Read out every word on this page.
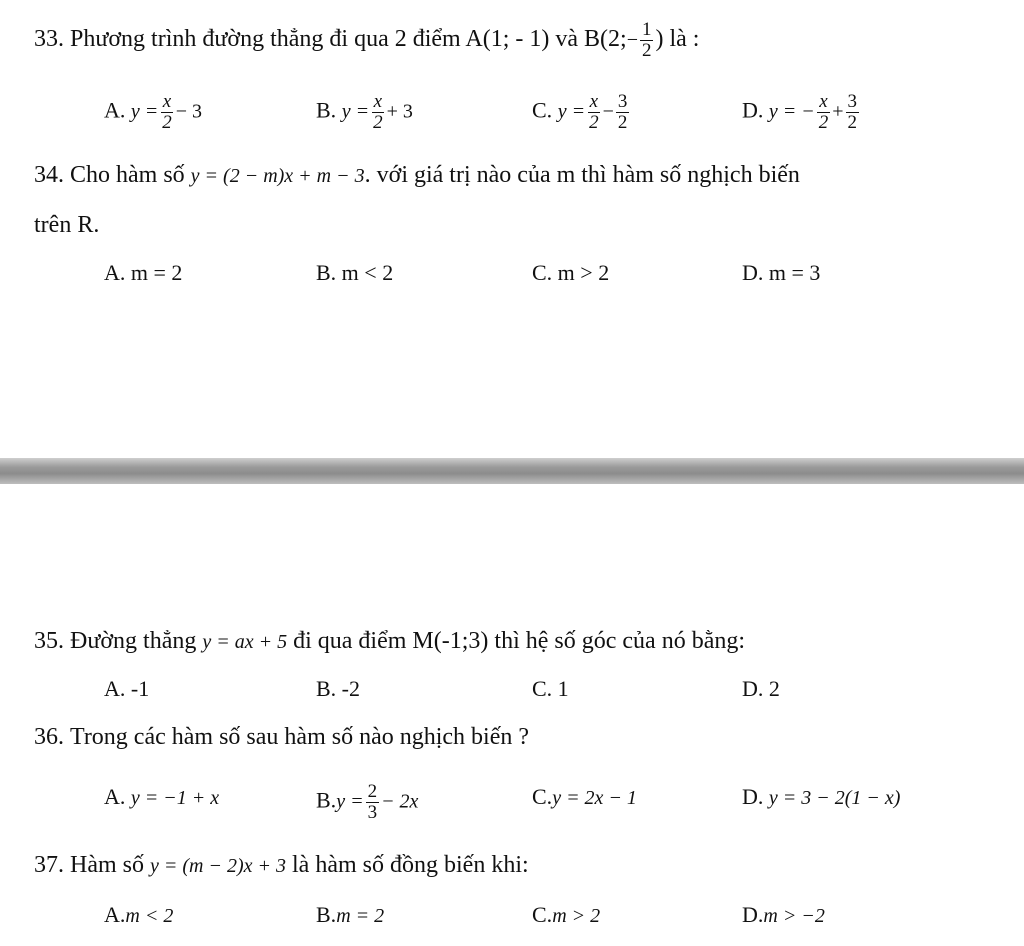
33. Phương trình đường thẳng đi qua 2 điểm A(1; - 1) và B(2;− $\frac{1}{2}$ ) là :
A. $y = \frac{x}{2} - 3$	B. $y = \frac{x}{2} + 3$	C. $y = \frac{x}{2} - \frac{3}{2}$	D. y = − $\frac{x}{2} + \frac{3}{2}$
34. Cho hàm số y = (2 − m)x + m − 3. với giá trị nào của m thì hàm số nghịch biến
trên R.
A. m = 2	B. m < 2	C. m > 2	D. m = 3
35. Đường thẳng y = ax + 5 đi qua điểm M(-1;3) thì hệ số góc của nó bằng:
A. -1	B. -2	C. 1	D. 2
36. Trong các hàm số sau hàm số nào nghịch biến ?
A. y = −1 + x	$B.y = \frac{2}{3} - 2x$	C.y = 2x − 1	D. y = 3 − 2(1 − x)
37. Hàm số y = (m − 2)x + 3 là hàm số đồng biến khi:
A.m < 2	B.m = 2	C.m > 2	D.m > −2
